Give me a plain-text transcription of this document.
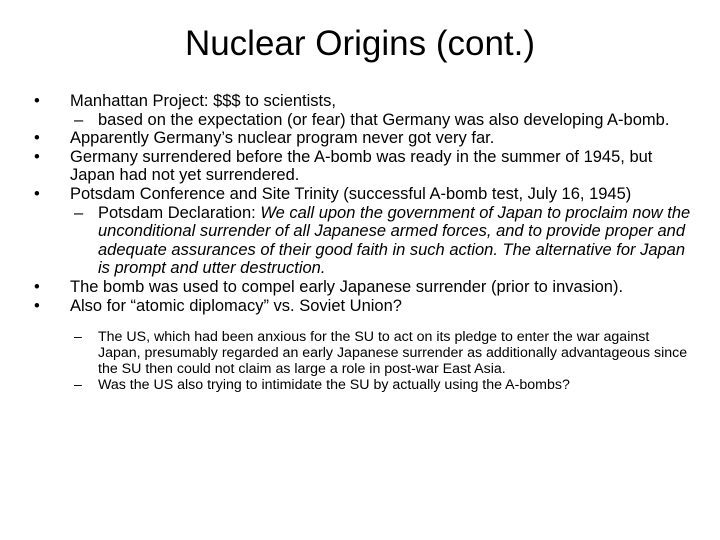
Nuclear Origins (cont.)

• Manhattan Project: $$$ to scientists,

– based on the expectation (or fear) that Germany was also developing A-bomb.

• Apparently Germany’s nuclear program never got very far.

• Germany surrendered before the A-bomb was ready in the summer of 1945, but Japan had not yet surrendered.

• Potsdam Conference and Site Trinity (successful A-bomb test, July 16, 1945)

– Potsdam Declaration: We call upon the government of Japan to proclaim now the unconditional surrender of all Japanese armed forces, and to provide proper and adequate assurances of their good faith in such action. The alternative for Japan is prompt and utter destruction.

• The bomb was used to compel early Japanese surrender (prior to invasion).

• Also for “atomic diplomacy” vs. Soviet Union?

– The US, which had been anxious for the SU to act on its pledge to enter the war against Japan, presumably regarded an early Japanese surrender as additionally advantageous since the SU then could not claim as large a role in post-war East Asia.

– Was the US also trying to intimidate the SU by actually using the A-bombs?
